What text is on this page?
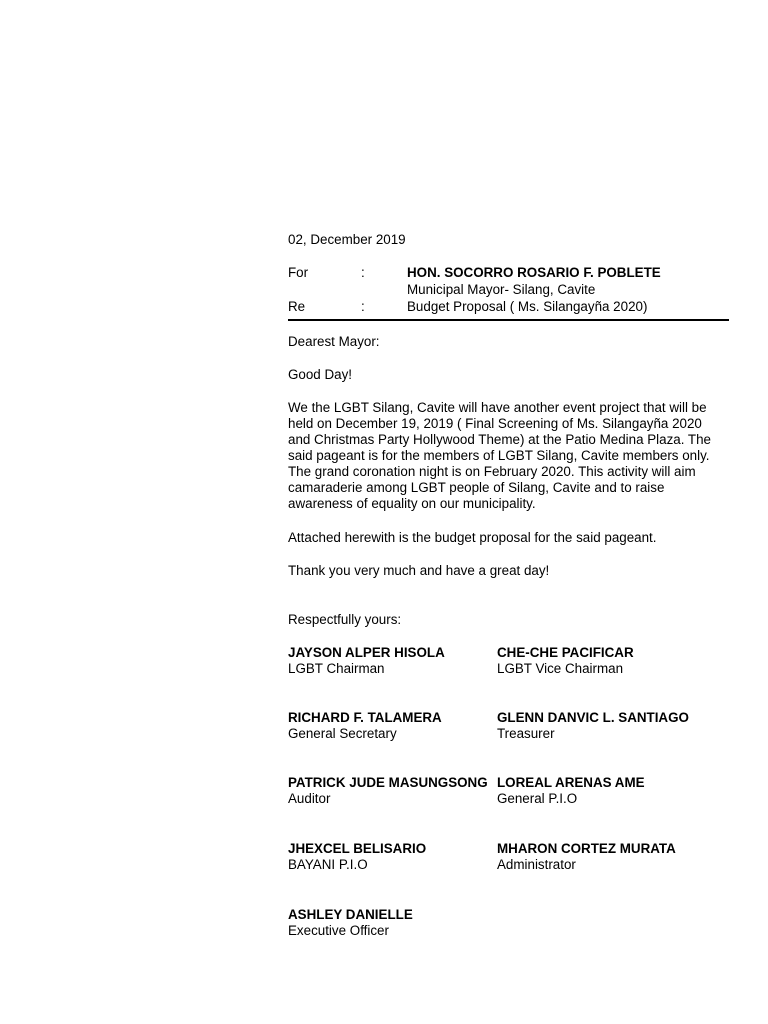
02, December 2019

For	:	HON. SOCORRO ROSARIO F. POBLETE
Municipal Mayor- Silang, Cavite
Re	:	Budget Proposal ( Ms. Silangayña 2020)
Dearest Mayor:
Good Day!
We the LGBT Silang, Cavite will have another event project that will be
held on December 19, 2019 ( Final Screening of Ms. Silangayña 2020
and Christmas Party Hollywood Theme) at the Patio Medina Plaza. The
said pageant is for the members of LGBT Silang, Cavite members only.
The grand coronation night is on February 2020. This activity will aim
camaraderie among LGBT people of Silang, Cavite and to raise
awareness of equality on our municipality.
Attached herewith is the budget proposal for the said pageant.
Thank you very much and have a great day!
Respectfully yours:
JAYSON ALPER HISOLA
LGBT Chairman
CHE-CHE PACIFICAR
LGBT Vice Chairman
RICHARD F. TALAMERA
General Secretary
GLENN DANVIC L. SANTIAGO
Treasurer
PATRICK JUDE MASUNGSONG
Auditor
LOREAL ARENAS AME
General P.I.O
JHEXCEL BELISARIO
BAYANI P.I.O
MHARON CORTEZ MURATA
Administrator
ASHLEY DANIELLE
Executive Officer
